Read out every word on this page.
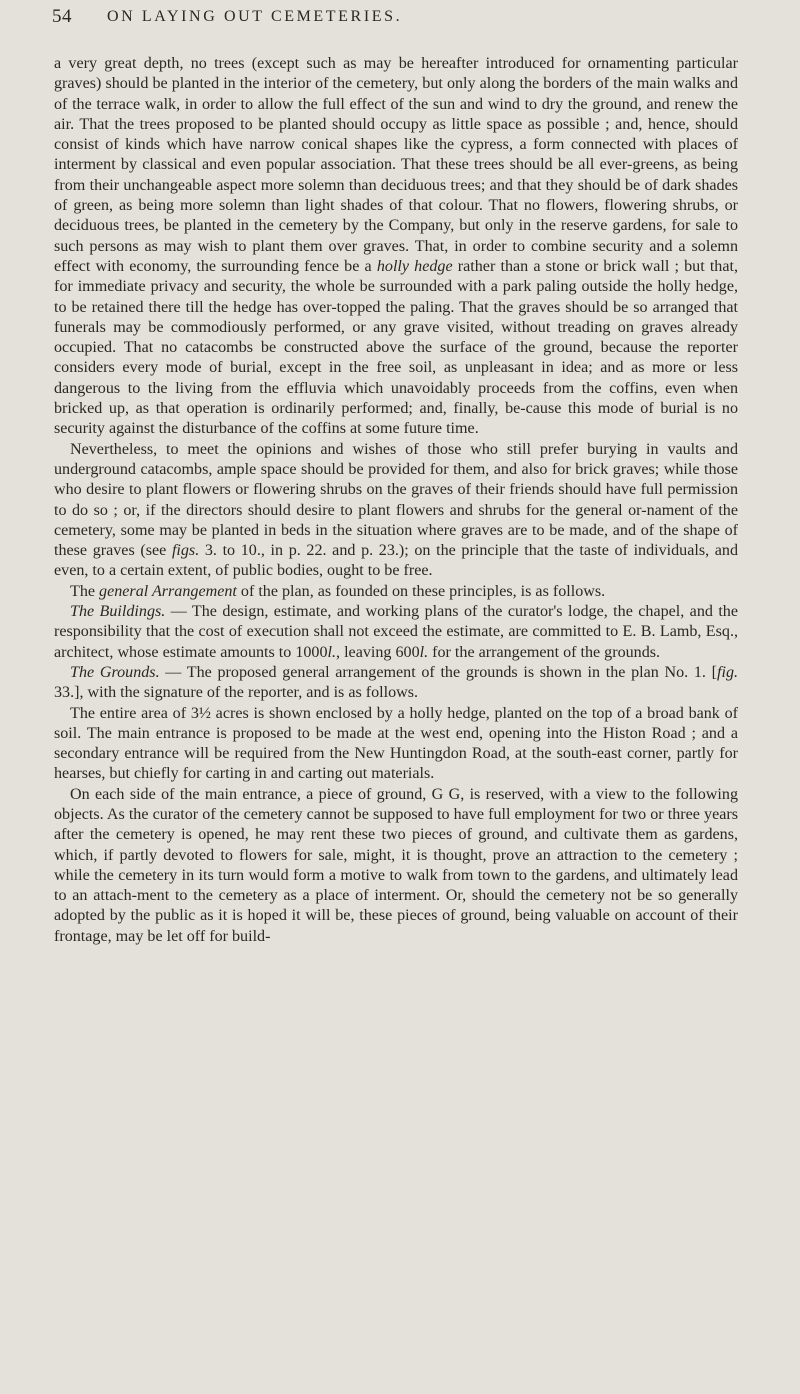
54 ON LAYING OUT CEMETERIES.

a very great depth, no trees (except such as may be hereafter introduced for ornamenting particular graves) should be planted in the interior of the cemetery, but only along the borders of the main walks and of the terrace walk, in order to allow the full effect of the sun and wind to dry the ground, and renew the air. That the trees proposed to be planted should occupy as little space as possible ; and, hence, should consist of kinds which have narrow conical shapes like the cypress, a form connected with places of interment by classical and even popular association. That these trees should be all ever-greens, as being from their unchangeable aspect more solemn than deciduous trees; and that they should be of dark shades of green, as being more solemn than light shades of that colour. That no flowers, flowering shrubs, or deciduous trees, be planted in the cemetery by the Company, but only in the reserve gardens, for sale to such persons as may wish to plant them over graves. That, in order to combine security and a solemn effect with economy, the surrounding fence be a holly hedge rather than a stone or brick wall ; but that, for immediate privacy and security, the whole be surrounded with a park paling outside the holly hedge, to be retained there till the hedge has over-topped the paling. That the graves should be so arranged that funerals may be commodiously performed, or any grave visited, without treading on graves already occupied. That no catacombs be constructed above the surface of the ground, because the reporter considers every mode of burial, except in the free soil, as unpleasant in idea; and as more or less dangerous to the living from the effluvia which unavoidably proceeds from the coffins, even when bricked up, as that operation is ordinarily performed; and, finally, be-cause this mode of burial is no security against the disturbance of the coffins at some future time.

Nevertheless, to meet the opinions and wishes of those who still prefer burying in vaults and underground catacombs, ample space should be provided for them, and also for brick graves; while those who desire to plant flowers or flowering shrubs on the graves of their friends should have full permission to do so ; or, if the directors should desire to plant flowers and shrubs for the general or-nament of the cemetery, some may be planted in beds in the situation where graves are to be made, and of the shape of these graves (see figs. 3. to 10., in p. 22. and p. 23.); on the principle that the taste of individuals, and even, to a certain extent, of public bodies, ought to be free.

The general Arrangement of the plan, as founded on these principles, is as follows.

The Buildings. — The design, estimate, and working plans of the curator's lodge, the chapel, and the responsibility that the cost of execution shall not exceed the estimate, are committed to E. B. Lamb, Esq., architect, whose estimate amounts to 1000l., leaving 600l. for the arrangement of the grounds.

The Grounds. — The proposed general arrangement of the grounds is shown in the plan No. 1. [fig. 33.], with the signature of the reporter, and is as follows.

The entire area of 3½ acres is shown enclosed by a holly hedge, planted on the top of a broad bank of soil. The main entrance is proposed to be made at the west end, opening into the Histon Road ; and a secondary entrance will be required from the New Huntingdon Road, at the south-east corner, partly for hearses, but chiefly for carting in and carting out materials.

On each side of the main entrance, a piece of ground, G G, is reserved, with a view to the following objects. As the curator of the cemetery cannot be supposed to have full employment for two or three years after the cemetery is opened, he may rent these two pieces of ground, and cultivate them as gardens, which, if partly devoted to flowers for sale, might, it is thought, prove an attraction to the cemetery ; while the cemetery in its turn would form a motive to walk from town to the gardens, and ultimately lead to an attach-ment to the cemetery as a place of interment. Or, should the cemetery not be so generally adopted by the public as it is hoped it will be, these pieces of ground, being valuable on account of their frontage, may be let off for build-
